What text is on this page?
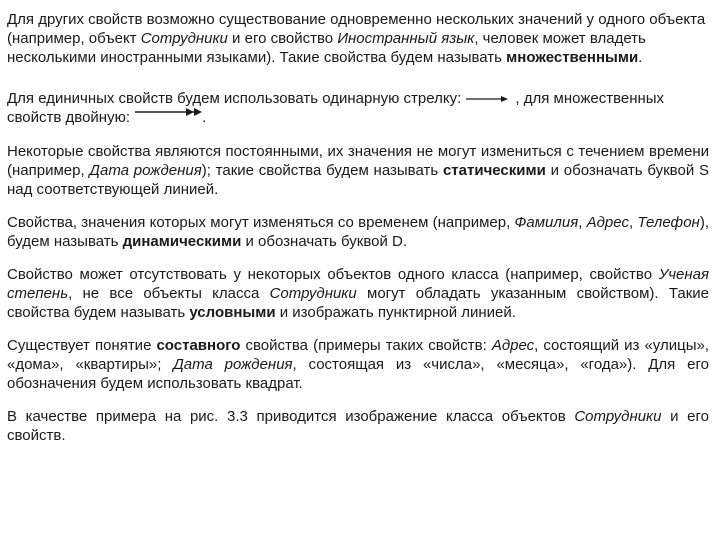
Для других свойств возможно существование одновременно нескольких значений у одного объекта (например, объект Сотрудники и его свойство Иностранный язык, человек может владеть несколькими иностранными языками). Такие свойства будем называть множественными.

Для единичных свойств будем использовать одинарную стрелку:	, для множественных свойств двойную:	.

Некоторые свойства являются постоянными, их значения не могут измениться с течением времени (например, Дата рождения); такие свойства будем называть статическими и обозначать буквой S над соответствующей линией.

Свойства, значения которых могут изменяться со временем (например, Фамилия, Адрес, Телефон), будем называть динамическими и обозначать буквой D.

Свойство может отсутствовать у некоторых объектов одного класса (например, свойство Ученая степень, не все объекты класса Сотрудники могут обладать указанным свойством). Такие свойства будем называть условными и изображать пунктирной линией.

Существует понятие составного свойства (примеры таких свойств: Адрес, состоящий из «улицы», «дома», «квартиры»; Дата рождения, состоящая из «числа», «месяца», «года»). Для его обозначения будем использовать квадрат.

В качестве примера на рис. 3.3 приводится изображение класса объектов Сотрудники и его свойств.
